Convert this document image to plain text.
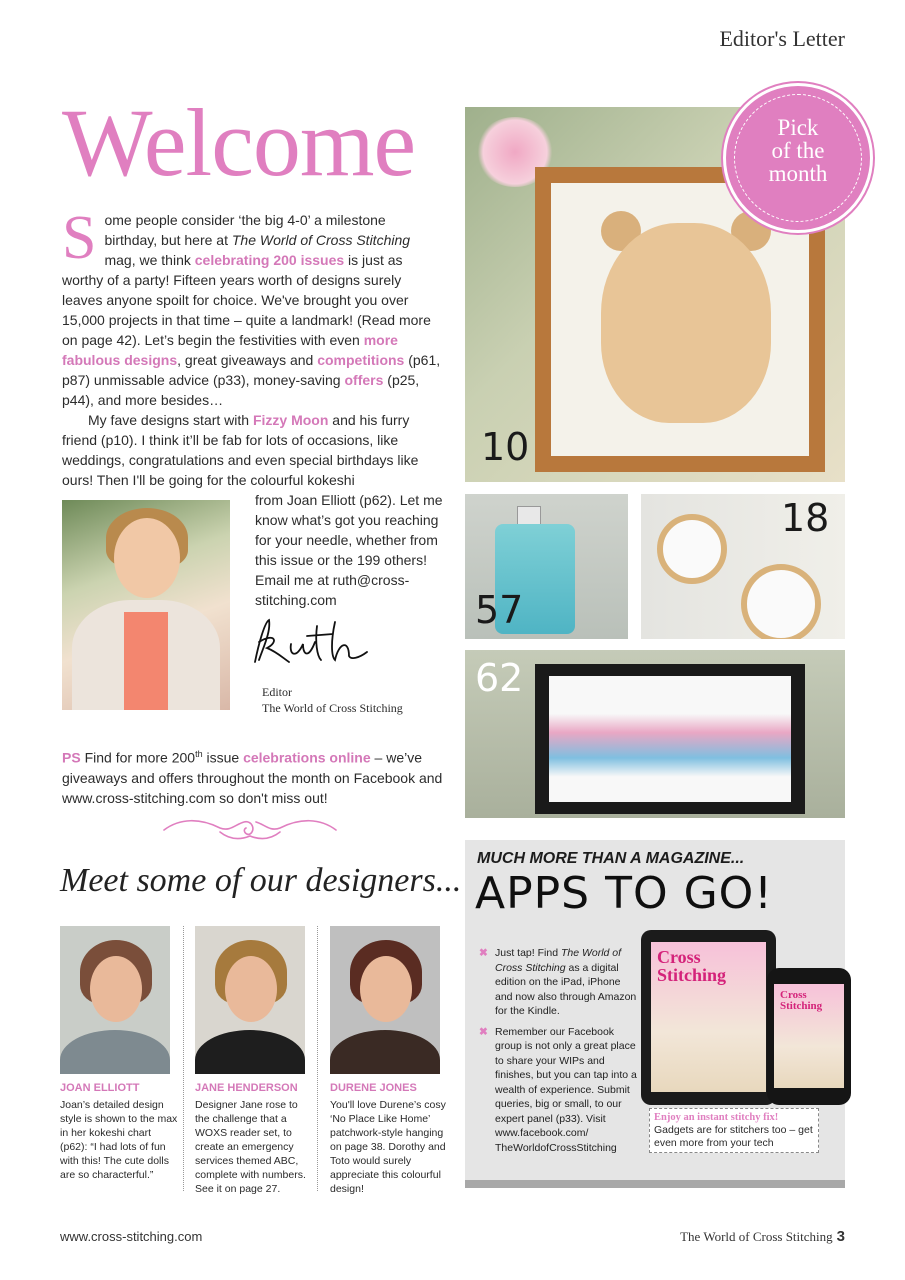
Editor's Letter
Welcome
S ome people consider ‘the big 4-0’ a milestone birthday, but here at The World of Cross Stitching mag, we think celebrating 200 issues is just as worthy of a party! Fifteen years worth of designs surely leaves anyone spoilt for choice. We've brought you over 15,000 projects in that time – quite a landmark! (Read more on page 42). Let’s begin the festivities with even more fabulous designs, great giveaways and competitions (p61, p87) unmissable advice (p33), money-saving offers (p25, p44), and more besides…

My fave designs start with Fizzy Moon and his furry friend (p10). I think it’ll be fab for lots of occasions, like weddings, congratulations and even special birthdays like ours! Then I'll be going for the colourful kokeshi

from Joan Elliott (p62). Let me know what’s got you reaching for your needle, whether from this issue or the 199 others! Email me at ruth@cross-stitching.com
Editor
The World of Cross Stitching
PS Find for more 200th issue celebrations online – we’ve giveaways and offers throughout the month on Facebook and www.cross-stitching.com so don't miss out!
Meet some of our designers...
JOAN ELLIOTT
Joan’s detailed design style is shown to the max in her kokeshi chart (p62): “I had lots of fun with this! The cute dolls are so characterful.”
JANE HENDERSON
Designer Jane rose to the challenge that a WOXS reader set, to create an emergency services themed ABC, complete with numbers. See it on page 27.
DURENE JONES
You'll love Durene’s cosy ‘No Place Like Home’ patchwork-style hanging on page 38. Dorothy and Toto would surely appreciate this colourful design!
10
Pick
of the
month
57
18
62
MUCH MORE THAN A MAGAZINE...
APPS TO GO!
✖ Just tap! Find The World of Cross Stitching as a digital edition on the iPad, iPhone and now also through Amazon for the Kindle.
✖ Remember our Facebook group is not only a great place to share your WIPs and finishes, but you can tap into a wealth of experience. Submit queries, big or small, to our expert panel (p33). Visit www.facebook.com/ TheWorldofCrossStitching
Cross Stitching
Cross Stitching
Enjoy an instant stitchy fix!
Gadgets are for stitchers too – get even more from your tech
www.cross-stitching.com	The World of Cross Stitching 3
